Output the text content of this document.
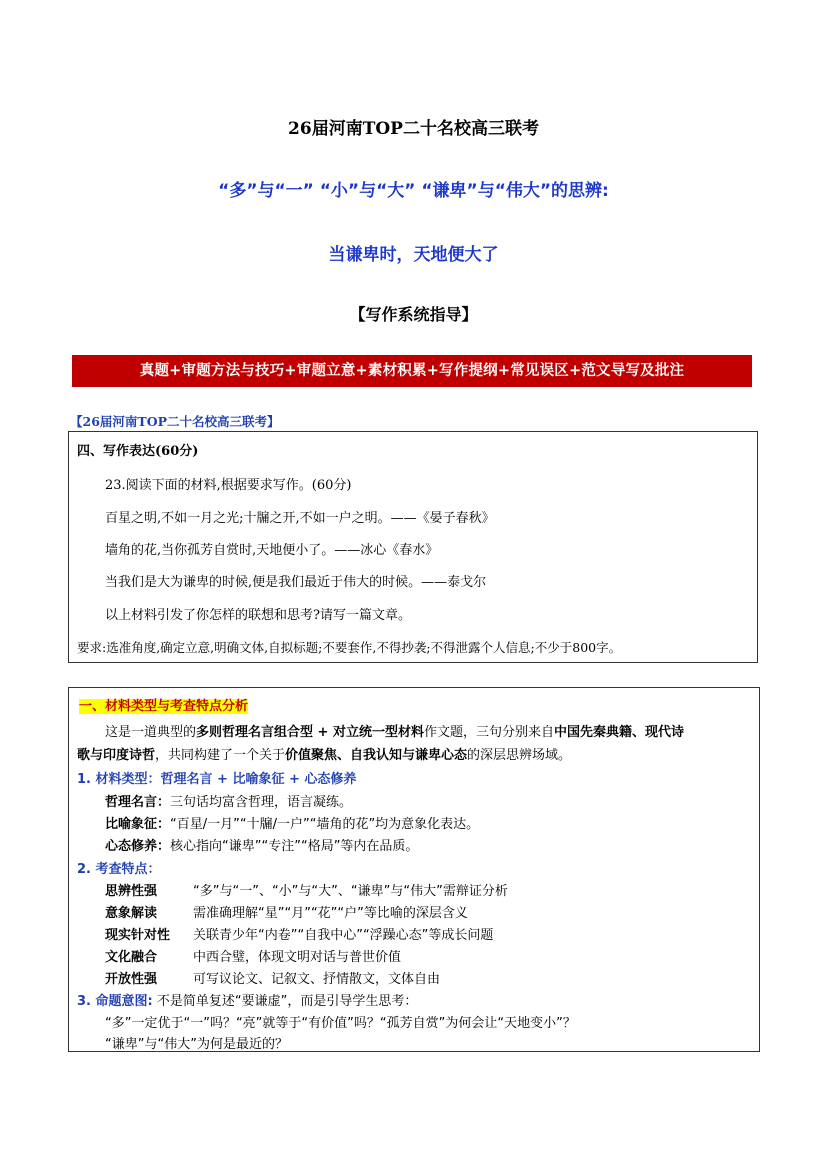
26届河南TOP二十名校高三联考
“多”与“一” “小”与“大” “谦卑”与“伟大”的思辨:
当谦卑时，天地便大了
【写作系统指导】
真题+审题方法与技巧+审题立意+素材积累+写作提纲+常见误区+范文导写及批注
【26届河南TOP二十名校高三联考】
四、写作表达(60分)
23.阅读下面的材料,根据要求写作。(60分)
百星之明,不如一月之光;十牖之开,不如一户之明。——《晏子春秋》
墙角的花,当你孤芳自赏时,天地便小了。——冰心《春水》
当我们是大为谦卑的时候,便是我们最近于伟大的时候。——泰戈尔
以上材料引发了你怎样的联想和思考?请写一篇文章。
要求:选准角度,确定立意,明确文体,自拟标题;不要套作,不得抄袭;不得泄露个人信息;不少于800字。
一、材料类型与考查特点分析
这是一道典型的多则哲理名言组合型 + 对立统一型材料作文题，三句分别来自中国先秦典籍、现代诗
歌与印度诗哲，共同构建了一个关于价值聚焦、自我认知与谦卑心态的深层思辨场域。
1. 材料类型：哲理名言 + 比喻象征 + 心态修养
哲理名言：三句话均富含哲理，语言凝练。
比喻象征：“百星/一月”“十牖/一户”“墙角的花”均为意象化表达。
心态修养：核心指向“谦卑”“专注”“格局”等内在品质。
2. 考查特点：
思辨性强	“多”与“一”、“小”与“大”、“谦卑”与“伟大”需辩证分析
意象解读	需准确理解“星”“月”“花”“户”等比喻的深层含义
现实针对性 关联青少年“内卷”“自我中心”“浮躁心态”等成长问题
文化融合	中西合璧，体现文明对话与普世价值
开放性强	可写议论文、记叙文、抒情散文，文体自由
3. 命题意图: 不是简单复述“要谦虚”，而是引导学生思考：
“多”一定优于“一”吗？“亮”就等于“有价值”吗？“孤芳自赏”为何会让“天地变小”？
“谦卑”与“伟大”为何是最近的？
